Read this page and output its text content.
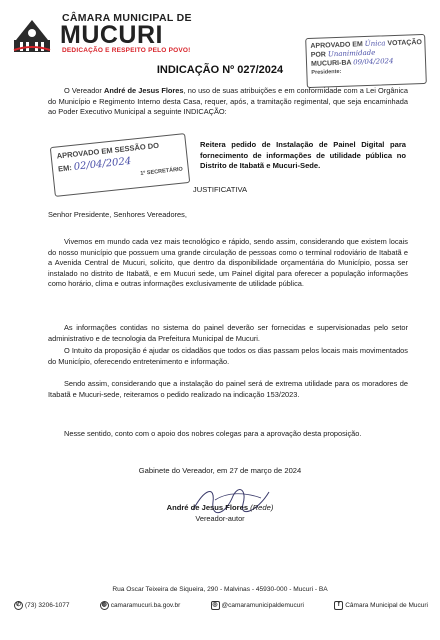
CÂMARA MUNICIPAL DE
MUCURI
DEDICAÇÃO E RESPEITO PELO POVO!
APROVADO EM Única VOTAÇÃO
POR Unanimidade
MUCURI-BA 09/04/2024
Presidente:
INDICAÇÃO Nº 027/2024
O Vereador André de Jesus Flores, no uso de suas atribuições e em conformidade com a Lei Orgânica do Município e Regimento Interno desta Casa, requer, após, a tramitação regimental, que seja encaminhada ao Poder Executivo Municipal a seguinte INDICAÇÃO:
APROVADO EM SESSÃO DO
EM: 02/04/2024	1º SECRETÁRIO
Reitera pedido de Instalação de Painel Digital para fornecimento de informações de utilidade pública no Distrito de Itabatã e Mucuri-Sede.
JUSTIFICATIVA
Senhor Presidente, Senhores Vereadores,
Vivemos em mundo cada vez mais tecnológico e rápido, sendo assim, considerando que existem locais do nosso município que possuem uma grande circulação de pessoas como o terminal rodoviário de Itabatã e a Avenida Central de Mucuri, solicito, que dentro da disponibilidade orçamentária do Município, possa ser instalado no distrito de Itabatã, e em Mucuri sede, um Painel digital para oferecer a população informações como horário, clima e outras informações exclusivamente de utilidade pública.
As informações contidas no sistema do painel deverão ser fornecidas e supervisionadas pelo setor administrativo e de tecnologia da Prefeitura Municipal de Mucuri.
O Intuito da proposição é ajudar os cidadãos que todos os dias passam pelos locais mais movimentados do Município, oferecendo entretenimento e informação.
Sendo assim, considerando que a instalação do painel será de extrema utilidade para os moradores de Itabatã e Mucuri-sede, reiteramos o pedido realizado na indicação 153/2023.
Nesse sentido, conto com o apoio dos nobres colegas para a aprovação desta proposição.
Gabinete do Vereador, em 27 de março de 2024
André de Jesus Flores (Rede)
Vereador-autor
Rua Oscar Teixeira de Siqueira, 290 - Malvinas - 45930-000 - Mucuri - BA
✆ (73) 3206-1077	◍ camaramucuri.ba.gov.br	◎ @camaramunicipaldemucuri	f Câmara Municipal de Mucuri
